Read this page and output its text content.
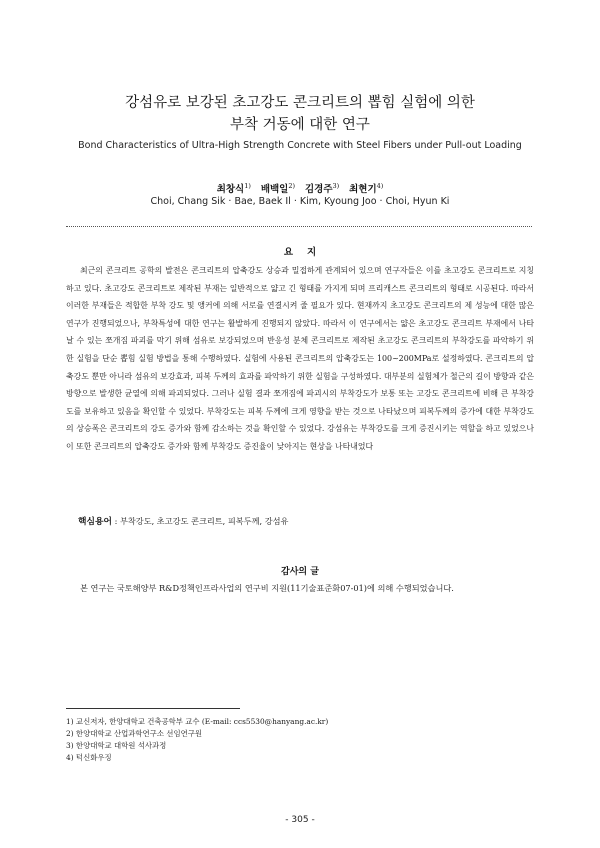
강섬유로 보강된 초고강도 콘크리트의 뽑힘 실험에 의한
부착 거동에 대한 연구
Bond Characteristics of Ultra-High Strength Concrete with Steel Fibers under Pull-out Loading
최창식$^{1)}$ 배백일$^{2)}$ 김경주$^{3)}$ 최현기$^{4)}$
Choi, Chang Sik · Bae, Baek Il · Kim, Kyoung Joo · Choi, Hyun Ki
요지

최근의 콘크리트 공학의 발전은 콘크리트의 압축강도 상승과 밀접하게 관계되어 있으며 연구자들은 이를 초고강도 콘크리트로 지칭하고 있다. 초고강도 콘크리트로 제작된 부재는 일반적으로 얇고 긴 형태를 가지게 되며 프리캐스트 콘크리트의 형태로 시공된다. 따라서 이러한 부재들은 적합한 부착 강도 및 앵커에 의해 서로를 연결시켜 줄 필요가 있다. 현재까지 초고강도 콘크리트의 제 성능에 대한 많은 연구가 진행되었으나, 부착특성에 대한 연구는 활발하게 진행되지 않았다. 따라서 이 연구에서는 얇은 초고강도 콘크리트 부재에서 나타날 수 있는 쪼개짐 파괴를 막기 위해 섬유로 보강되었으며 반응성 분체 콘크리트로 제작된 초고강도 콘크리트의 부착강도를 파악하기 위한 실험을 단순 뽑힘 실험 방법을 통해 수행하였다. 실험에 사용된 콘크리트의 압축강도는 100~200MPa로 설정하였다. 콘크리트의 압축강도 뿐만 아니라 섬유의 보강효과, 피복 두께의 효과를 파악하기 위한 실험을 구성하였다. 대부분의 실험체가 철근의 길이 방향과 같은 방향으로 발생한 균열에 의해 파괴되었다. 그러나 실험 결과 쪼개짐에 파괴시의 부착강도가 보통 또는 고강도 콘크리트에 비해 큰 부착강도를 보유하고 있음을 확인할 수 있었다. 부착강도는 피복 두께에 크게 영향을 받는 것으로 나타났으며 피복두께의 증가에 대한 부착강도의 상승폭은 콘크리트의 강도 증가와 함께 감소하는 것을 확인할 수 있었다. 강섬유는 부착강도를 크게 증진시키는 역할을 하고 있었으나 이 또한 콘크리트의 압축강도 증가와 함께 부착강도 증진율이 낮아지는 현상을 나타내었다

핵심용어 : 부착강도, 초고강도 콘크리트, 피복두께, 강섬유
감사의 글

본 연구는 국토해양부 R&D정책인프라사업의 연구비 지원(11기술표준화07-01)에 의해 수행되었습니다.

1) 교신저자, 한양대학교 건축공학부 교수 (E-mail: ccs5530@hanyang.ac.kr)
2) 한양대학교 산업과학연구소 선임연구원
3) 한양대학교 대학원 석사과정
4) 턱신화우징
- 305 -
